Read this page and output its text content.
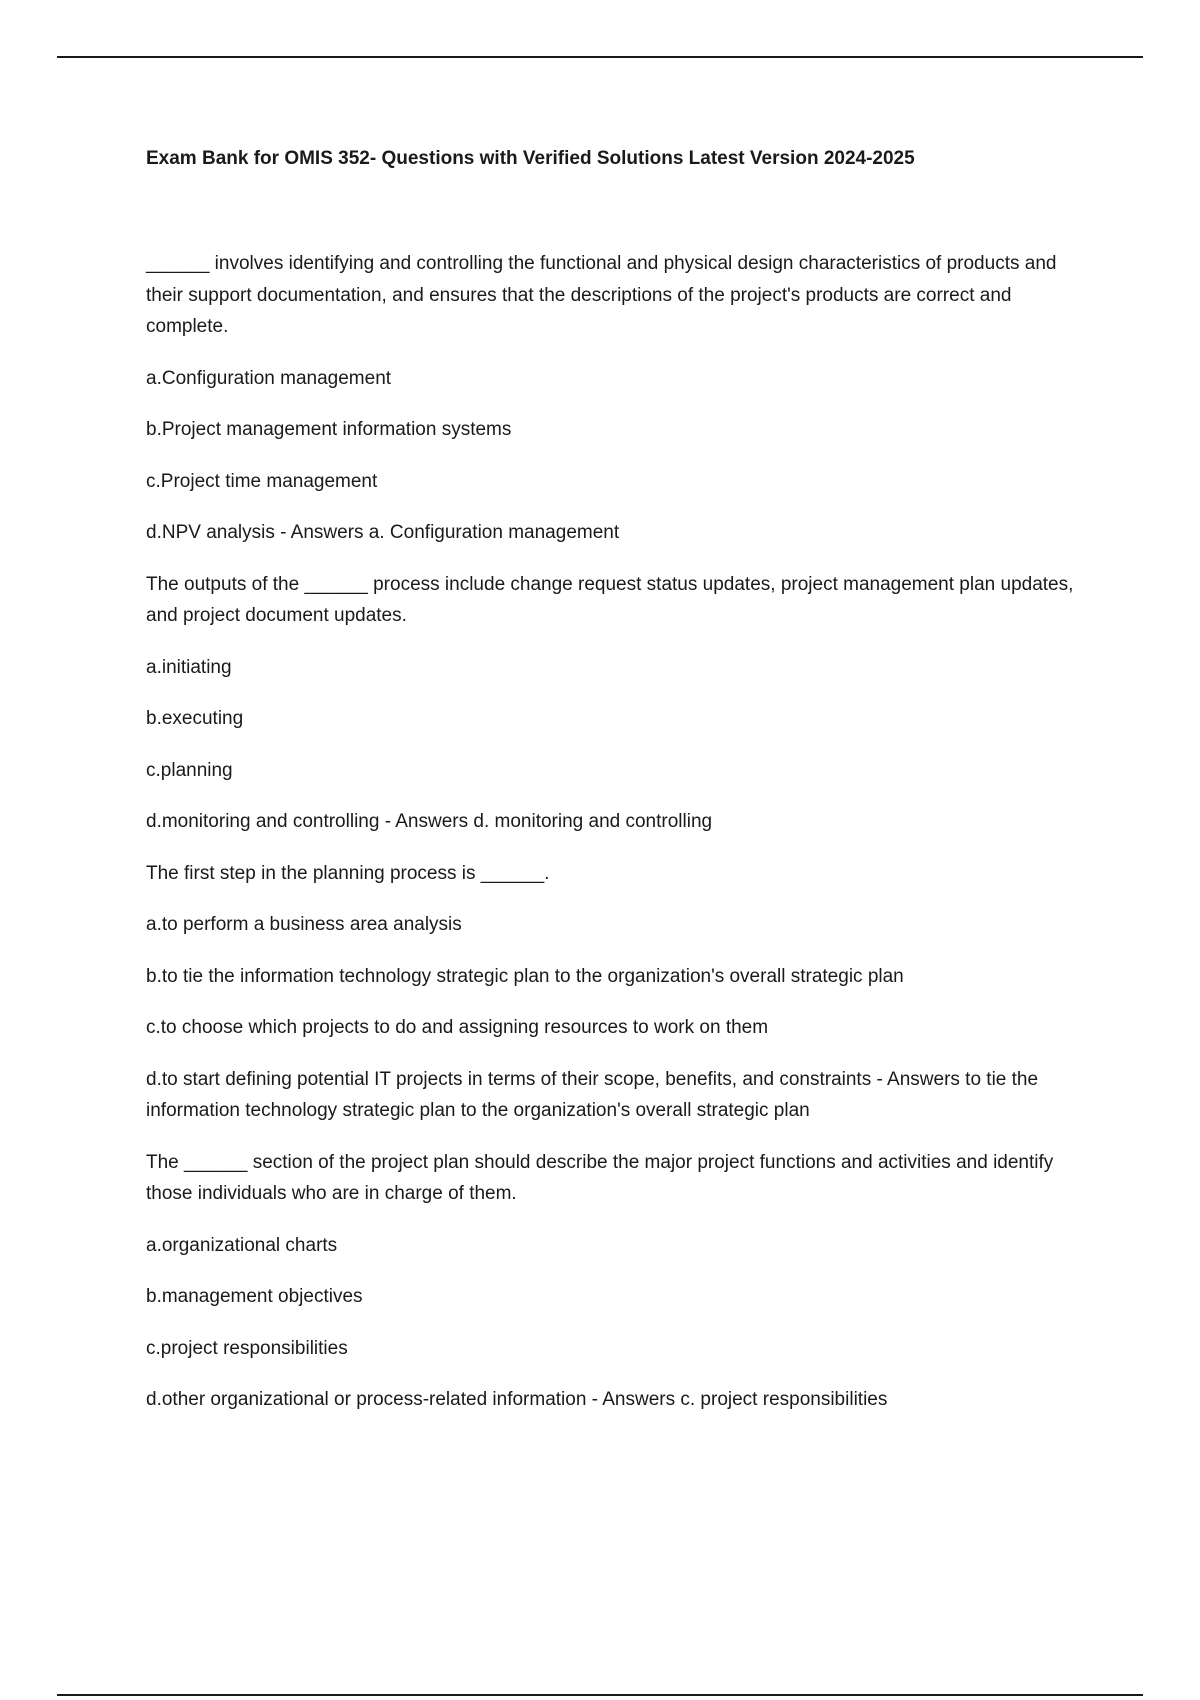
Exam Bank for OMIS 352- Questions with Verified Solutions Latest Version 2024-2025

______ involves identifying and controlling the functional and physical design characteristics of products and their support documentation, and ensures that the descriptions of the project's products are correct and complete.

a.Configuration management

b.Project management information systems

c.Project time management

d.NPV analysis - Answers a. Configuration management

The outputs of the ______ process include change request status updates, project management plan updates, and project document updates.

a.initiating

b.executing

c.planning

d.monitoring and controlling - Answers d. monitoring and controlling

The first step in the planning process is ______.

a.to perform a business area analysis

b.to tie the information technology strategic plan to the organization's overall strategic plan

c.to choose which projects to do and assigning resources to work on them

d.to start defining potential IT projects in terms of their scope, benefits, and constraints - Answers to tie the information technology strategic plan to the organization's overall strategic plan

The ______ section of the project plan should describe the major project functions and activities and identify those individuals who are in charge of them.

a.organizational charts

b.management objectives

c.project responsibilities

d.other organizational or process-related information - Answers c. project responsibilities
